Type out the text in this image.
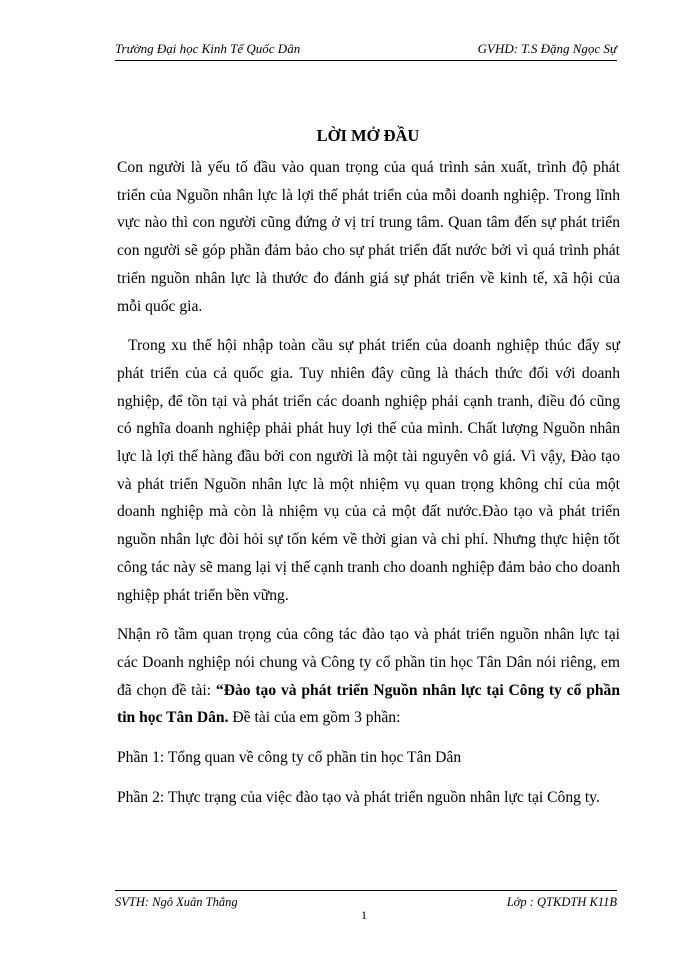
Trường Đại học Kinh Tế Quốc Dân	GVHD: T.S Đặng Ngọc Sự
LỜI MỞ ĐẦU

Con người là yếu tố đầu vào quan trọng của quá trình sản xuất, trình độ phát triển của Nguồn nhân lực là lợi thế phát triển của mỗi doanh nghiệp. Trong lĩnh vực nào thì con người cũng đứng ở vị trí trung tâm. Quan tâm đến sự phát triển con người sẽ góp phần đảm bảo cho sự phát triển đất nước bởi vì quá trình phát triển nguồn nhân lực là thước đo đánh giá sự phát triển về kinh tế, xã hội của mỗi quốc gia.

Trong xu thế hội nhập toàn cầu sự phát triển của doanh nghiệp thúc đẩy sự phát triển của cả quốc gia. Tuy nhiên đây cũng là thách thức đối với doanh nghiệp, để tồn tại và phát triển các doanh nghiệp phải cạnh tranh, điều đó cũng có nghĩa doanh nghiệp phải phát huy lợi thế của mình. Chất lượng Nguồn nhân lực là lợi thế hàng đầu bởi con người là một tài nguyên vô giá. Vì vậy, Đào tạo và phát triển Nguồn nhân lực là một nhiệm vụ quan trọng không chỉ của một doanh nghiệp mà còn là nhiệm vụ của cả một đất nước.Đào tạo và phát triển nguồn nhân lực đòi hỏi sự tốn kém về thời gian và chi phí. Nhưng thực hiện tốt công tác này sẽ mang lại vị thế cạnh tranh cho doanh nghiệp đảm bảo cho doanh nghiệp phát triển bền vững.

Nhận rõ tầm quan trọng của công tác đào tạo và phát triển nguồn nhân lực tại các Doanh nghiệp nói chung và Công ty cổ phần tin học Tân Dân nói riêng, em đã chọn đề tài: “Đào tạo và phát triển Nguồn nhân lực tại Công ty cổ phần tin học Tân Dân. Đề tài của em gồm 3 phần:

Phần 1: Tổng quan về công ty cổ phần tin học Tân Dân

Phần 2: Thực trạng của việc đào tạo và phát triển nguồn nhân lực tại Công ty.

SVTH: Ngô Xuân Thắng	Lớp : QTKDTH K11B
1
